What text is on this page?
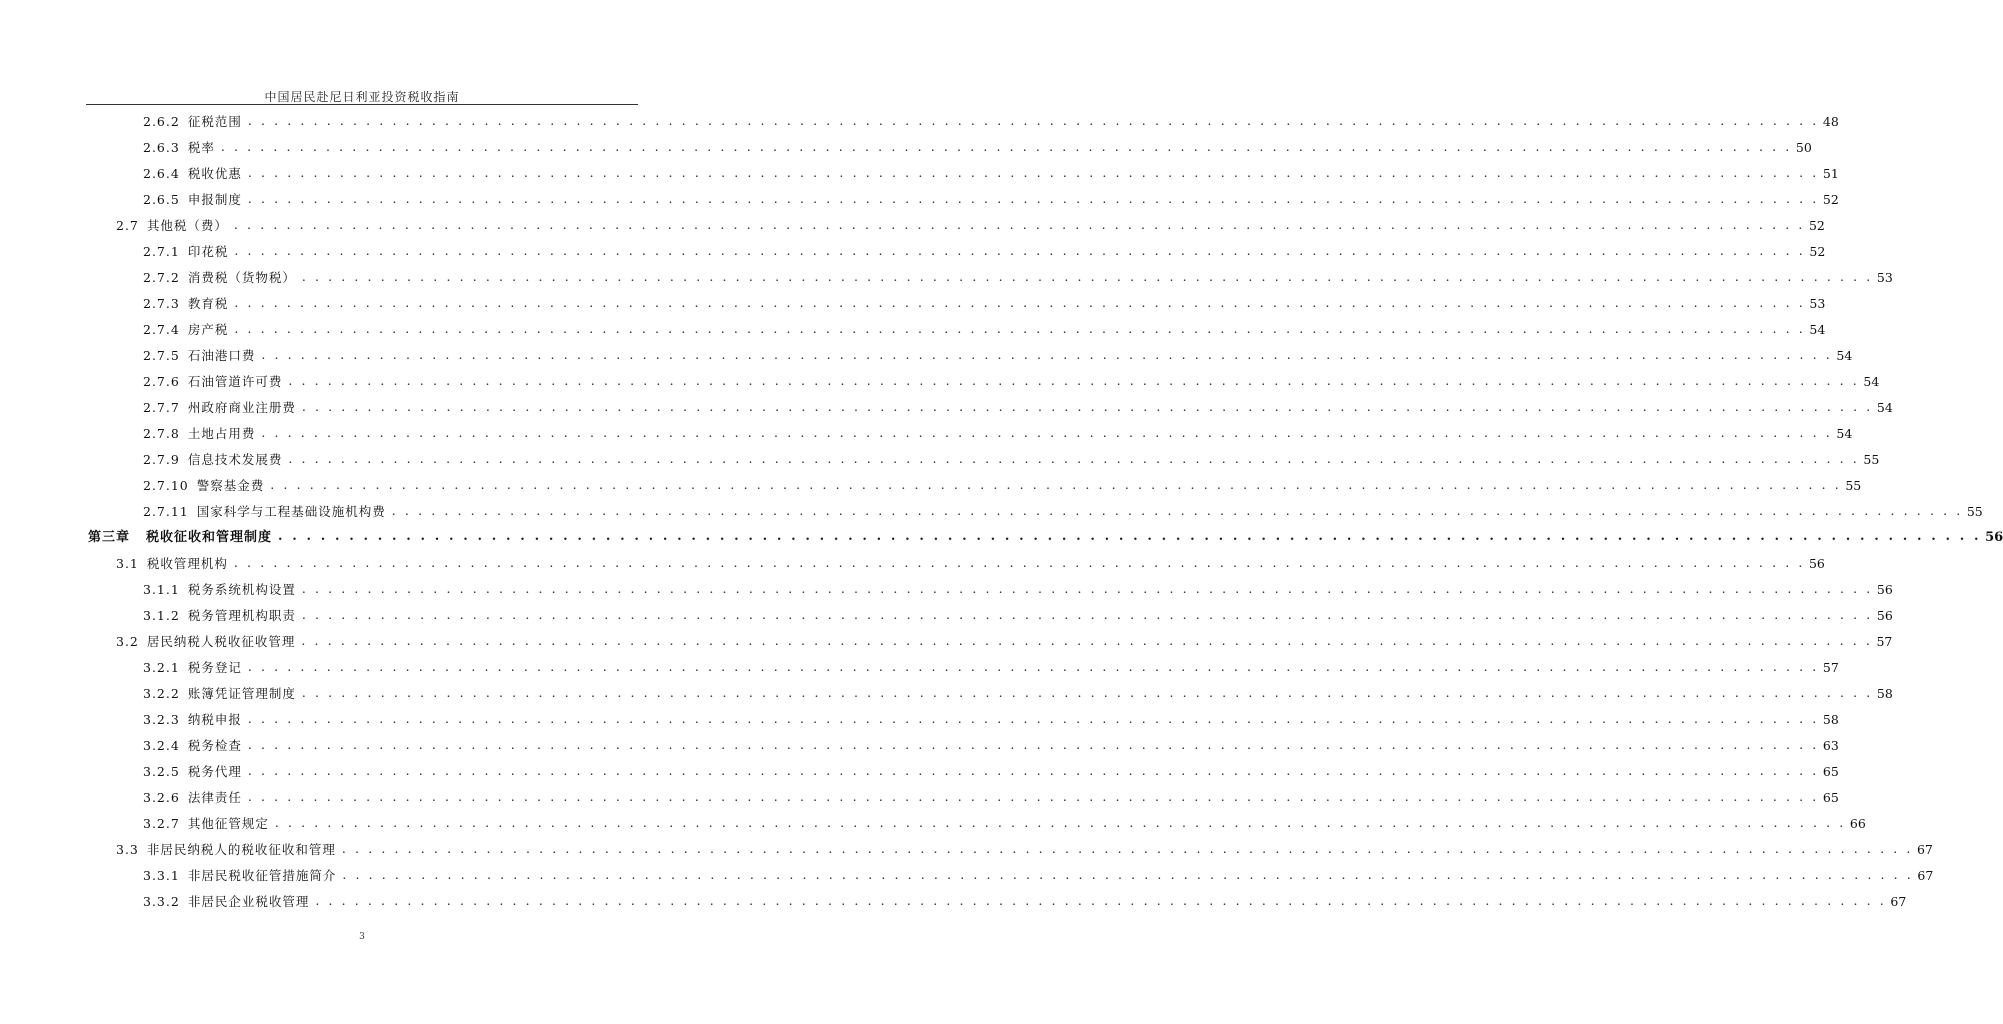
中国居民赴尼日利亚投资税收指南
2.6.2 征税范围 . . . . . . . . . . . . . . . . . . . . . . . . . . . . . . . . . . . . . . . . . . . . . . . . . . . . . . . . . . . . . . . . . . . . . . . . . . . . . . . . . . . . . . . . . . . . . . . . . . . . . . . . . . . . . . . . . . . . . . . . 48
2.6.3 税率 . . . . . . . . . . . . . . . . . . . . . . . . . . . . . . . . . . . . . . . . . . . . . . . . . . . . . . . . . . . . . . . . . . . . . . . . . . . . . . . . . . . . . . . . . . . . . . . . . . . . . . . . . . . . . . . . . . . . . . . . 50
2.6.4 税收优惠 . . . . . . . . . . . . . . . . . . . . . . . . . . . . . . . . . . . . . . . . . . . . . . . . . . . . . . . . . . . . . . . . . . . . . . . . . . . . . . . . . . . . . . . . . . . . . . . . . . . . . . . . . . . . . . . . . . . . . . . . 51
2.6.5 申报制度 . . . . . . . . . . . . . . . . . . . . . . . . . . . . . . . . . . . . . . . . . . . . . . . . . . . . . . . . . . . . . . . . . . . . . . . . . . . . . . . . . . . . . . . . . . . . . . . . . . . . . . . . . . . . . . . . . . . . . . . . 52
2.7 其他税（费） . . . . . . . . . . . . . . . . . . . . . . . . . . . . . . . . . . . . . . . . . . . . . . . . . . . . . . . . . . . . . . . . . . . . . . . . . . . . . . . . . . . . . . . . . . . . . . . . . . . . . . . . . . . . . . . . . . . . . . . . 52
2.7.1 印花税 . . . . . . . . . . . . . . . . . . . . . . . . . . . . . . . . . . . . . . . . . . . . . . . . . . . . . . . . . . . . . . . . . . . . . . . . . . . . . . . . . . . . . . . . . . . . . . . . . . . . . . . . . . . . . . . . . . . . . . . . 52
2.7.2 消费税（货物税） . . . . . . . . . . . . . . . . . . . . . . . . . . . . . . . . . . . . . . . . . . . . . . . . . . . . . . . . . . . . . . . . . . . . . . . . . . . . . . . . . . . . . . . . . . . . . . . . . . . . . . . . . . . . . . . . . . . . . . . . 53
2.7.3 教育税 . . . . . . . . . . . . . . . . . . . . . . . . . . . . . . . . . . . . . . . . . . . . . . . . . . . . . . . . . . . . . . . . . . . . . . . . . . . . . . . . . . . . . . . . . . . . . . . . . . . . . . . . . . . . . . . . . . . . . . . . 53
2.7.4 房产税 . . . . . . . . . . . . . . . . . . . . . . . . . . . . . . . . . . . . . . . . . . . . . . . . . . . . . . . . . . . . . . . . . . . . . . . . . . . . . . . . . . . . . . . . . . . . . . . . . . . . . . . . . . . . . . . . . . . . . . . . 54
2.7.5 石油港口费 . . . . . . . . . . . . . . . . . . . . . . . . . . . . . . . . . . . . . . . . . . . . . . . . . . . . . . . . . . . . . . . . . . . . . . . . . . . . . . . . . . . . . . . . . . . . . . . . . . . . . . . . . . . . . . . . . . . . . . . . 54
2.7.6 石油管道许可费 . . . . . . . . . . . . . . . . . . . . . . . . . . . . . . . . . . . . . . . . . . . . . . . . . . . . . . . . . . . . . . . . . . . . . . . . . . . . . . . . . . . . . . . . . . . . . . . . . . . . . . . . . . . . . . . . . . . . . . . . 54
2.7.7 州政府商业注册费 . . . . . . . . . . . . . . . . . . . . . . . . . . . . . . . . . . . . . . . . . . . . . . . . . . . . . . . . . . . . . . . . . . . . . . . . . . . . . . . . . . . . . . . . . . . . . . . . . . . . . . . . . . . . . . . . . . . . . . . . 54
2.7.8 土地占用费 . . . . . . . . . . . . . . . . . . . . . . . . . . . . . . . . . . . . . . . . . . . . . . . . . . . . . . . . . . . . . . . . . . . . . . . . . . . . . . . . . . . . . . . . . . . . . . . . . . . . . . . . . . . . . . . . . . . . . . . . 54
2.7.9 信息技术发展费 . . . . . . . . . . . . . . . . . . . . . . . . . . . . . . . . . . . . . . . . . . . . . . . . . . . . . . . . . . . . . . . . . . . . . . . . . . . . . . . . . . . . . . . . . . . . . . . . . . . . . . . . . . . . . . . . . . . . . . . . 55
2.7.10 警察基金费 . . . . . . . . . . . . . . . . . . . . . . . . . . . . . . . . . . . . . . . . . . . . . . . . . . . . . . . . . . . . . . . . . . . . . . . . . . . . . . . . . . . . . . . . . . . . . . . . . . . . . . . . . . . . . . . . . . . . . . . . 55
2.7.11 国家科学与工程基础设施机构费 . . . . . . . . . . . . . . . . . . . . . . . . . . . . . . . . . . . . . . . . . . . . . . . . . . . . . . . . . . . . . . . . . . . . . . . . . . . . . . . . . . . . . . . . . . . . . . . . . . . . . . . . . . . . . . . . . . . . . . . . 55
第三章 税收征收和管理制度 . . . . . . . . . . . . . . . . . . . . . . . . . . . . . . . . . . . . . . . . . . . . . . . . . . . . . . . . . . . . . . . . . . . . . . . . . . . . . . . . . . . . . . . . . . . . . . . . . . . . . . . . . . . . . . . . . . . . . . . . 56
3.1 税收管理机构 . . . . . . . . . . . . . . . . . . . . . . . . . . . . . . . . . . . . . . . . . . . . . . . . . . . . . . . . . . . . . . . . . . . . . . . . . . . . . . . . . . . . . . . . . . . . . . . . . . . . . . . . . . . . . . . . . . . . . . . . 56
3.1.1 税务系统机构设置 . . . . . . . . . . . . . . . . . . . . . . . . . . . . . . . . . . . . . . . . . . . . . . . . . . . . . . . . . . . . . . . . . . . . . . . . . . . . . . . . . . . . . . . . . . . . . . . . . . . . . . . . . . . . . . . . . . . . . . . . 56
3.1.2 税务管理机构职责 . . . . . . . . . . . . . . . . . . . . . . . . . . . . . . . . . . . . . . . . . . . . . . . . . . . . . . . . . . . . . . . . . . . . . . . . . . . . . . . . . . . . . . . . . . . . . . . . . . . . . . . . . . . . . . . . . . . . . . . . 56
3.2 居民纳税人税收征收管理 . . . . . . . . . . . . . . . . . . . . . . . . . . . . . . . . . . . . . . . . . . . . . . . . . . . . . . . . . . . . . . . . . . . . . . . . . . . . . . . . . . . . . . . . . . . . . . . . . . . . . . . . . . . . . . . . . . . . . . . . 57
3.2.1 税务登记 . . . . . . . . . . . . . . . . . . . . . . . . . . . . . . . . . . . . . . . . . . . . . . . . . . . . . . . . . . . . . . . . . . . . . . . . . . . . . . . . . . . . . . . . . . . . . . . . . . . . . . . . . . . . . . . . . . . . . . . . 57
3.2.2 账簿凭证管理制度 . . . . . . . . . . . . . . . . . . . . . . . . . . . . . . . . . . . . . . . . . . . . . . . . . . . . . . . . . . . . . . . . . . . . . . . . . . . . . . . . . . . . . . . . . . . . . . . . . . . . . . . . . . . . . . . . . . . . . . . . 58
3.2.3 纳税申报 . . . . . . . . . . . . . . . . . . . . . . . . . . . . . . . . . . . . . . . . . . . . . . . . . . . . . . . . . . . . . . . . . . . . . . . . . . . . . . . . . . . . . . . . . . . . . . . . . . . . . . . . . . . . . . . . . . . . . . . . 58
3.2.4 税务检查 . . . . . . . . . . . . . . . . . . . . . . . . . . . . . . . . . . . . . . . . . . . . . . . . . . . . . . . . . . . . . . . . . . . . . . . . . . . . . . . . . . . . . . . . . . . . . . . . . . . . . . . . . . . . . . . . . . . . . . . . 63
3.2.5 税务代理 . . . . . . . . . . . . . . . . . . . . . . . . . . . . . . . . . . . . . . . . . . . . . . . . . . . . . . . . . . . . . . . . . . . . . . . . . . . . . . . . . . . . . . . . . . . . . . . . . . . . . . . . . . . . . . . . . . . . . . . . 65
3.2.6 法律责任 . . . . . . . . . . . . . . . . . . . . . . . . . . . . . . . . . . . . . . . . . . . . . . . . . . . . . . . . . . . . . . . . . . . . . . . . . . . . . . . . . . . . . . . . . . . . . . . . . . . . . . . . . . . . . . . . . . . . . . . . 65
3.2.7 其他征管规定 . . . . . . . . . . . . . . . . . . . . . . . . . . . . . . . . . . . . . . . . . . . . . . . . . . . . . . . . . . . . . . . . . . . . . . . . . . . . . . . . . . . . . . . . . . . . . . . . . . . . . . . . . . . . . . . . . . . . . . . . 66
3.3 非居民纳税人的税收征收和管理 . . . . . . . . . . . . . . . . . . . . . . . . . . . . . . . . . . . . . . . . . . . . . . . . . . . . . . . . . . . . . . . . . . . . . . . . . . . . . . . . . . . . . . . . . . . . . . . . . . . . . . . . . . . . . . . . . . . . . . . . 67
3.3.1 非居民税收征管措施简介 . . . . . . . . . . . . . . . . . . . . . . . . . . . . . . . . . . . . . . . . . . . . . . . . . . . . . . . . . . . . . . . . . . . . . . . . . . . . . . . . . . . . . . . . . . . . . . . . . . . . . . . . . . . . . . . . . . . . . . . . 67
3.3.2 非居民企业税收管理 . . . . . . . . . . . . . . . . . . . . . . . . . . . . . . . . . . . . . . . . . . . . . . . . . . . . . . . . . . . . . . . . . . . . . . . . . . . . . . . . . . . . . . . . . . . . . . . . . . . . . . . . . . . . . . . . . . . . . . . . 67
3
